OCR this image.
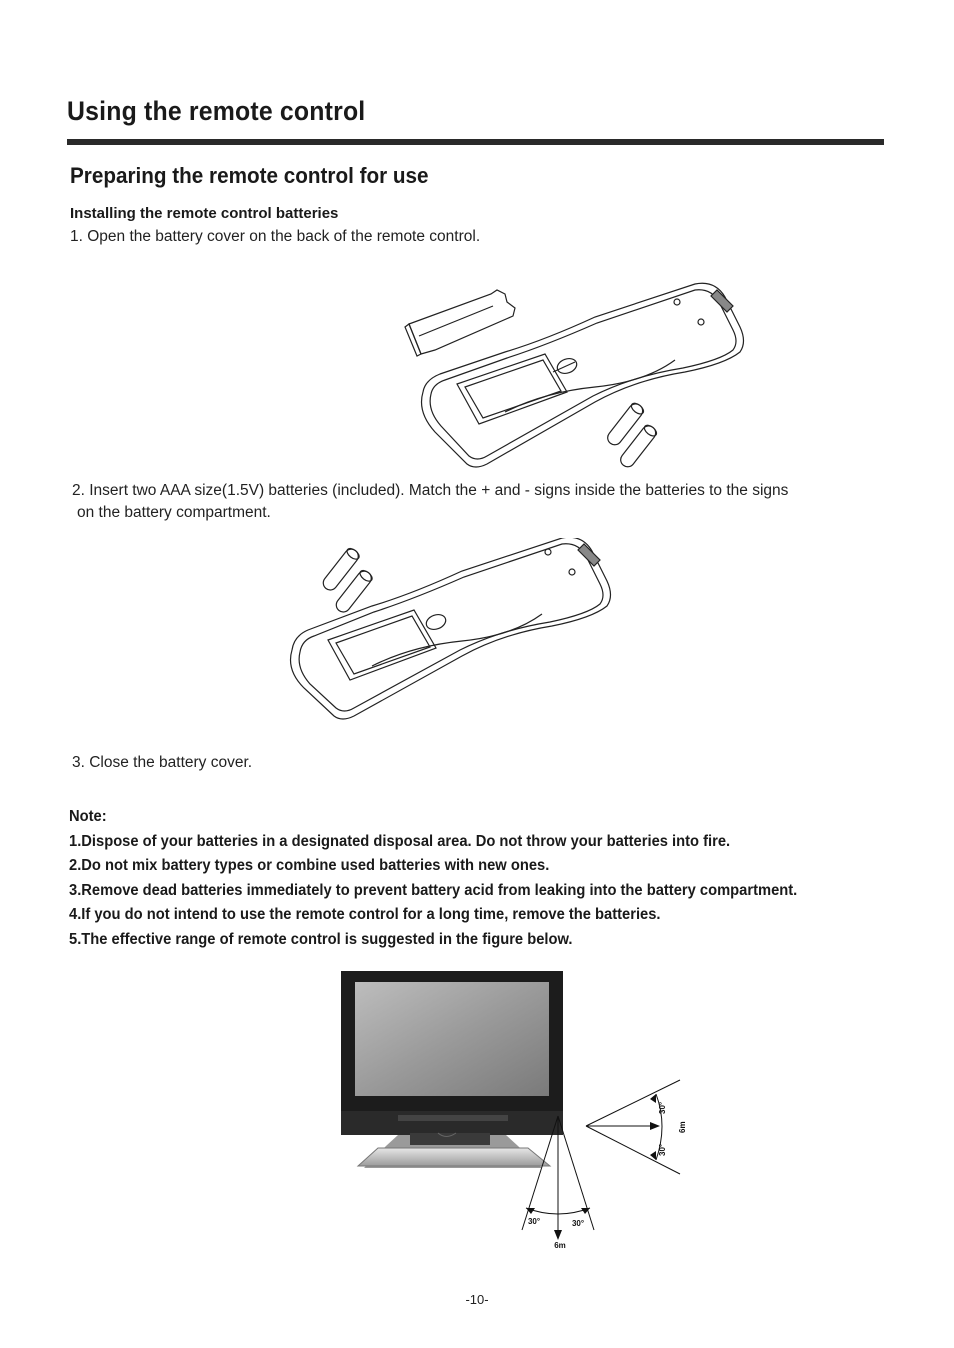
Using the remote control
Preparing the remote control for use
Installing the remote control batteries
1. Open the battery cover on the back of the remote control.
2. Insert two AAA size(1.5V) batteries (included). Match the + and - signs inside the batteries to the signs
on the battery compartment.
3. Close the battery cover.
Note:
1.Dispose of your batteries in a designated disposal area. Do not throw your batteries into fire.
2.Do not mix battery types or combine used batteries with new ones.
3.Remove dead batteries immediately to prevent battery acid from leaking into the battery compartment.
4.If you do not intend to use the remote control for a long time, remove the batteries.
5.The effective range of remote control is suggested in the figure below.
30°	30°
6m
30°
30°
6m
-10-
